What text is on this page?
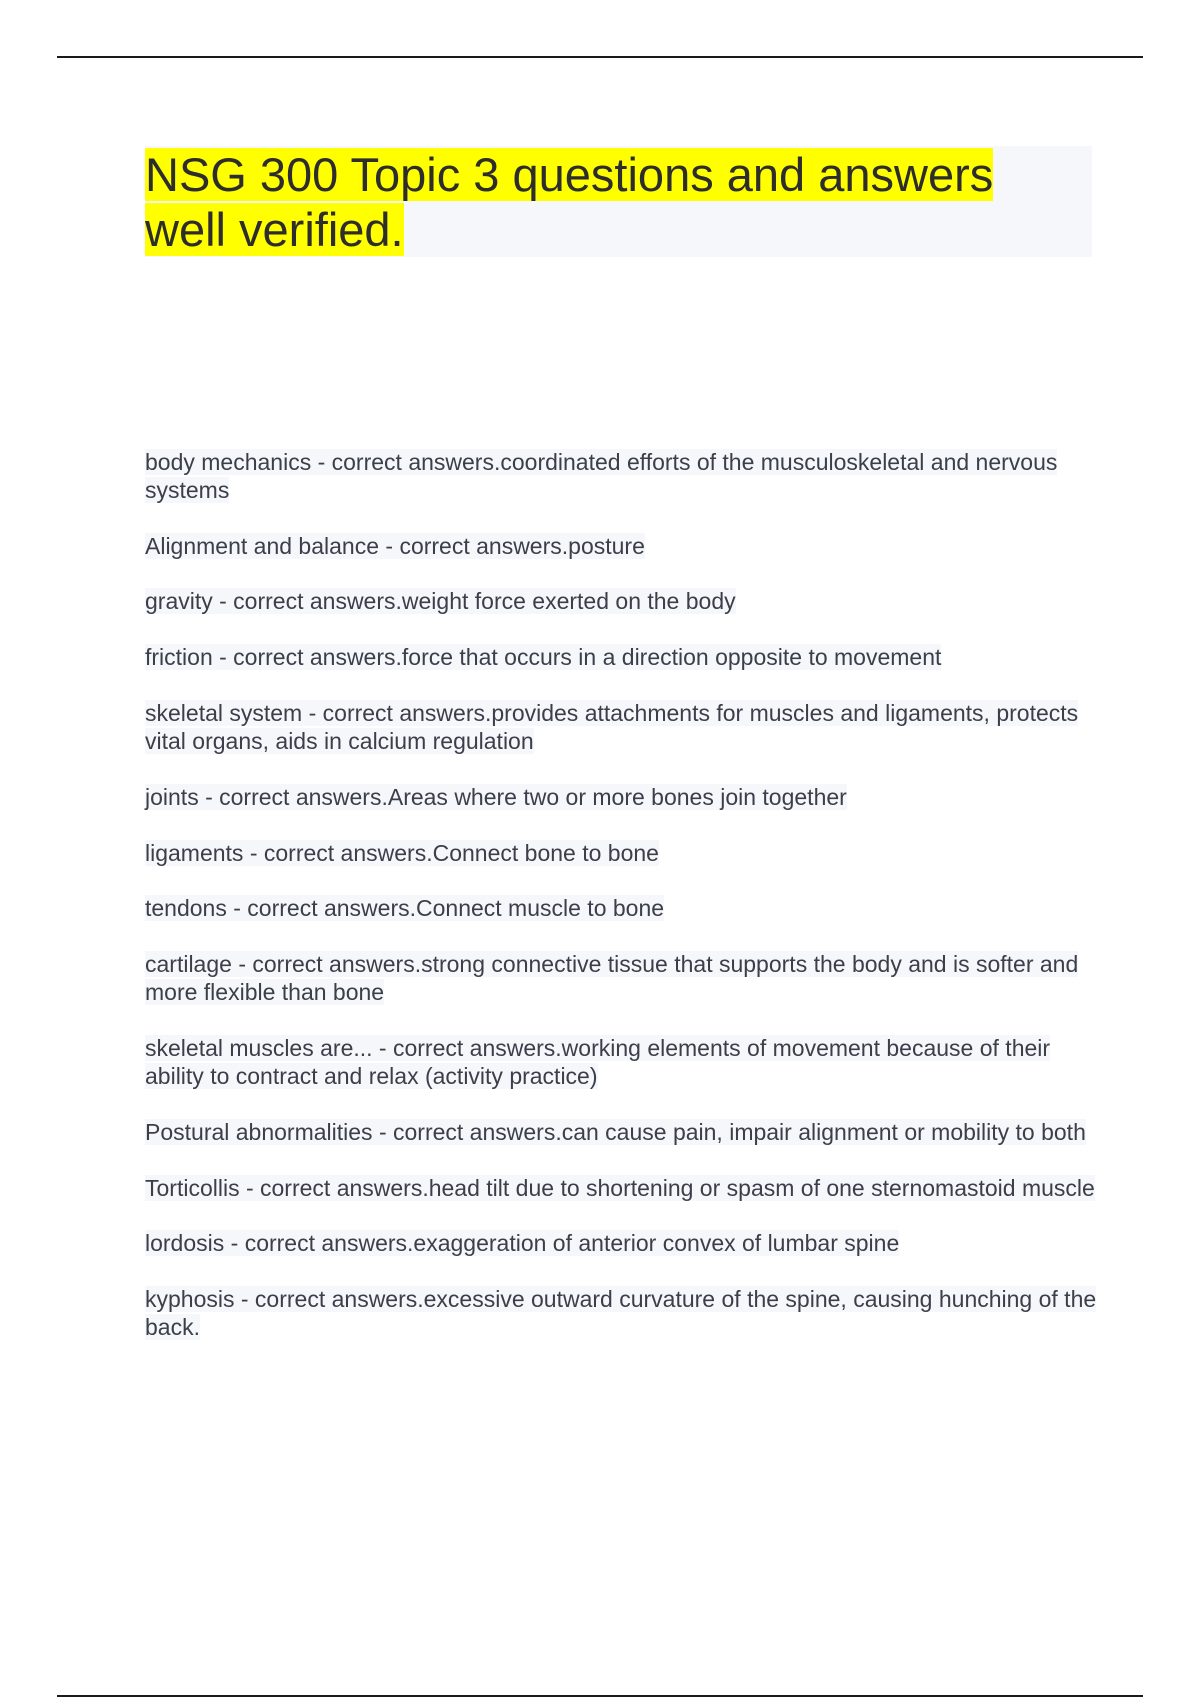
NSG 300 Topic 3 questions and answers well verified.

body mechanics - correct answers.coordinated efforts of the musculoskeletal and nervous systems

Alignment and balance - correct answers.posture

gravity - correct answers.weight force exerted on the body

friction - correct answers.force that occurs in a direction opposite to movement

skeletal system - correct answers.provides attachments for muscles and ligaments, protects vital organs, aids in calcium regulation

joints - correct answers.Areas where two or more bones join together

ligaments - correct answers.Connect bone to bone

tendons - correct answers.Connect muscle to bone

cartilage - correct answers.strong connective tissue that supports the body and is softer and more flexible than bone

skeletal muscles are... - correct answers.working elements of movement because of their ability to contract and relax (activity practice)

Postural abnormalities - correct answers.can cause pain, impair alignment or mobility to both

Torticollis - correct answers.head tilt due to shortening or spasm of one sternomastoid muscle

lordosis - correct answers.exaggeration of anterior convex of lumbar spine

kyphosis - correct answers.excessive outward curvature of the spine, causing hunching of the back.
